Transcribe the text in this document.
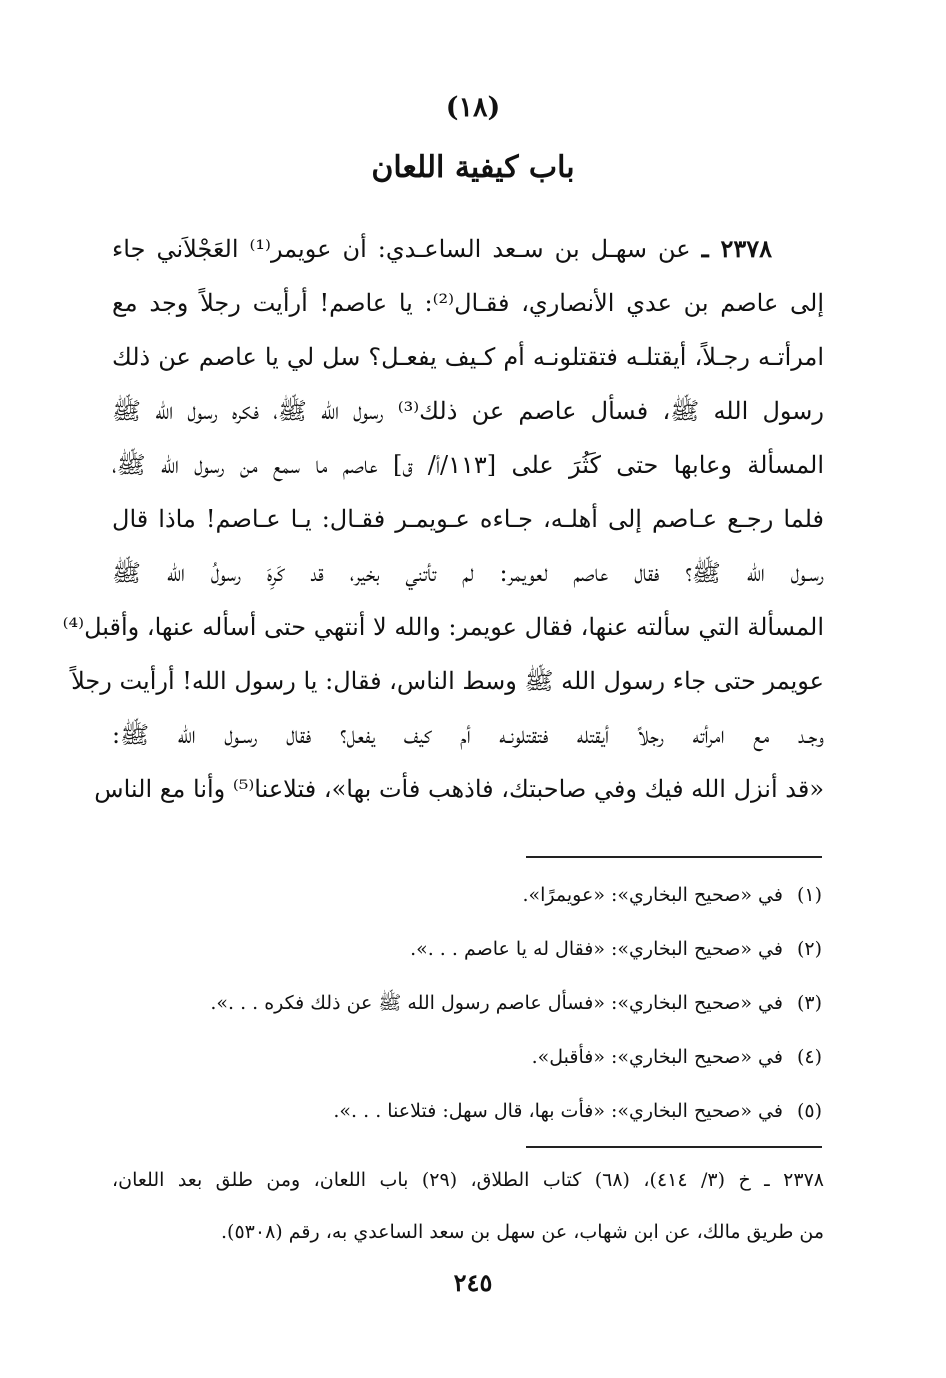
(١٨)
باب كيفية اللعان
٢٣٧٨ ـ عن سهـل بن سـعد الساعـدي: أن عويمر⁽¹⁾ العَجْلاَني جاء
إلى عاصم بن عدي الأنصاري، فقـال⁽²⁾: يا عاصم! أرأيت رجلاً وجد مع
امرأتـه رجـلاً، أيقتلـه فتقتلونـه أم كـيف يفعـل؟ سل لي يا عاصم عن ذلك
رسول الله ﷺ، فسأل عاصم عن ذلك⁽³⁾ رسول الله ﷺ، فكره رسول الله ﷺ
المسألة وعابها حتى كَثُرَ على [١١٣/أ/ ق] عاصم ما سمع من رسول الله ﷺ،
فلما رجـع عـاصم إلى أهلـه، جـاءه عـويمـر فقـال: يـا عـاصم! ماذا قال
رسـول الله ﷺ؟ فقال عاصم لعويمر: لم تأتني بخير، قد كَرِهَ رسولُ الله ﷺ
المسألة التي سألته عنها، فقال عويمر: والله لا أنتهي حتى أسأله عنها، وأقبل⁽⁴⁾
عويمر حتى جاء رسول الله ﷺ وسط الناس، فقال: يا رسول الله! أرأيت رجلاً
وجـد مع امرأته رجلاً أيقتله فتقتلونـه أم كيف يفعل؟ فقال رسـول الله ﷺ:
«قد أنزل الله فيك وفي صاحبتك، فاذهب فأت بها»، فتلاعنا⁽⁵⁾ وأنا مع الناس
(١)في «صحيح البخاري»: «عويمرًا».
(٢)في «صحيح البخاري»: «فقال له يا عاصم . . .».
(٣)في «صحيح البخاري»: «فسأل عاصم رسول الله ﷺ عن ذلك فكره . . .».
(٤)في «صحيح البخاري»: «فأقبل».
(٥)في «صحيح البخاري»: «فأت بها، قال سهل: فتلاعنا . . .».
٢٣٧٨ ـ خ (٣/ ٤١٤)، (٦٨) كتاب الطلاق، (٢٩) باب اللعان، ومن طلق بعد اللعان،
من طريق مالك، عن ابن شهاب، عن سهل بن سعد الساعدي به، رقم (٥٣٠٨).
٢٤٥
